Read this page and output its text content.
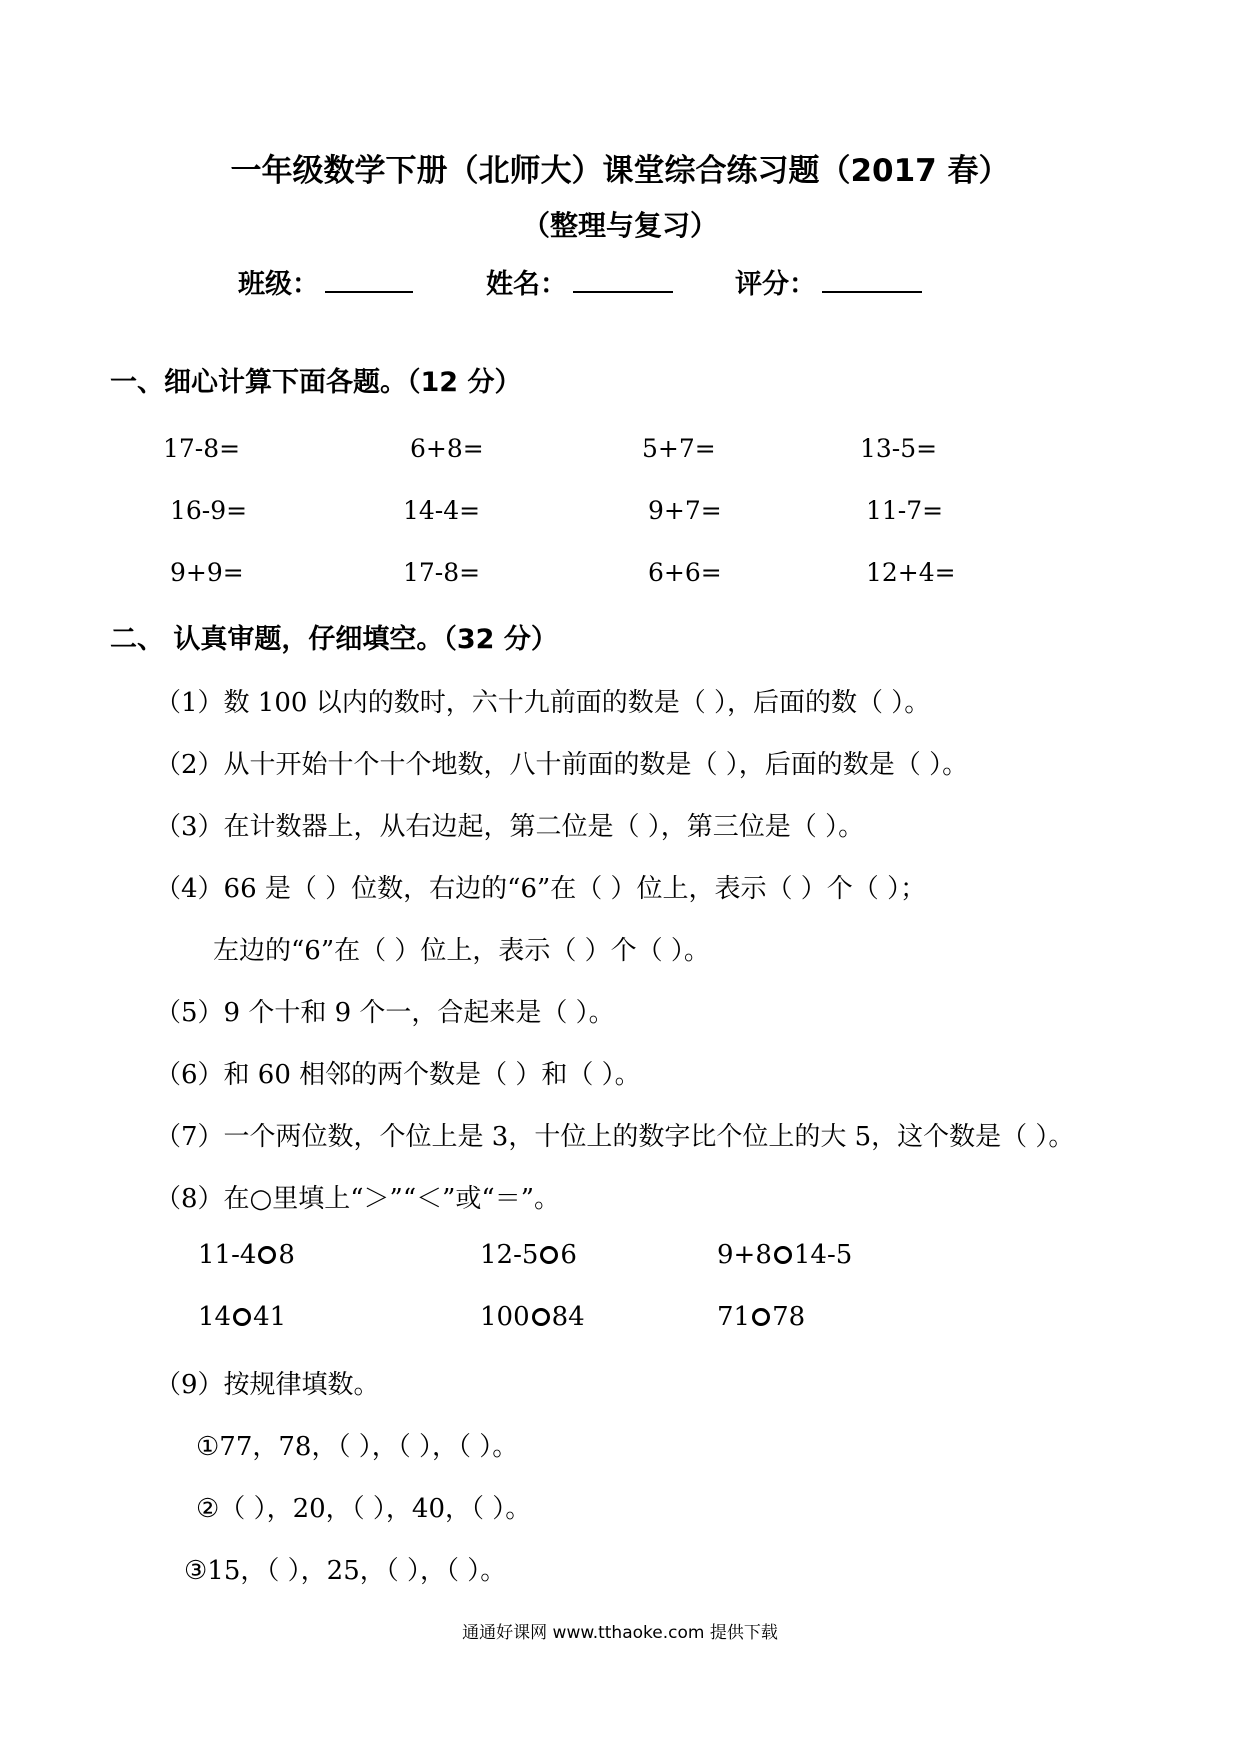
一年级数学下册（北师大）课堂综合练习题（2017 春）
（整理与复习）
班级：	姓名：	评分：
一、细心计算下面各题。（12 分）
17-8=	6+8=	5+7=	13-5=
16-9=	14-4=	9+7=	11-7=
9+9=	17-8=	6+6=	12+4=
二、 认真审题，仔细填空。（32 分）
（1）数 100 以内的数时，六十九前面的数是（ ），后面的数（ ）。
（2）从十开始十个十个地数，八十前面的数是（ ），后面的数是（ ）。
（3）在计数器上，从右边起，第二位是（ ），第三位是（ ）。
（4）66 是（ ）位数，右边的“6”在（ ）位上，表示（ ）个（ ）；
左边的“6”在（ ）位上，表示（ ）个（ ）。
（5）9 个十和 9 个一，合起来是（ ）。
（6）和 60 相邻的两个数是（ ）和（ ）。
（7）一个两位数，个位上是 3，十位上的数字比个位上的大 5，这个数是（ ）。
（8）在○里填上“＞”“＜”或“＝”。
11-4 8	12-5 6	9+8 14-5
14 41	100 84	71 78
（9）按规律填数。
①77，78，（ ），（ ），（ ）。
②（ ），20，（ ），40，（ ）。
③15，（ ），25，（ ），（ ）。
通通好课网 www.tthaoke.com 提供下载
